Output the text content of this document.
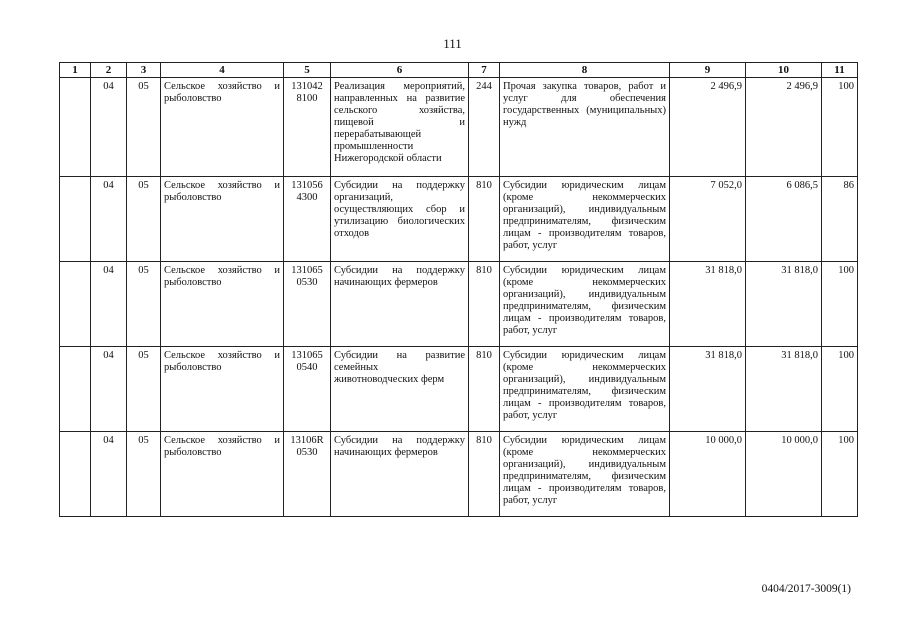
111
1	2	3	4	5	6	7	8	9	10	11
	04	05	Сельское хозяйство и рыболовство	131042 8100	Реализация мероприятий, направленных на развитие сельского хозяйства, пищевой и перерабатывающей промышленности Нижегородской области	244	Прочая закупка товаров, работ и услуг для обеспечения государственных (муниципальных) нужд	2 496,9	2 496,9	100
	04	05	Сельское хозяйство и рыболовство	131056 4300	Субсидии на поддержку организаций, осуществляющих сбор и утилизацию биологических отходов	810	Субсидии юридическим лицам (кроме некоммерческих организаций), индивидуальным предпринимателям, физическим лицам - производителям товаров, работ, услуг	7 052,0	6 086,5	86
	04	05	Сельское хозяйство и рыболовство	131065 0530	Субсидии на поддержку начинающих фермеров	810	Субсидии юридическим лицам (кроме некоммерческих организаций), индивидуальным предпринимателям, физическим лицам - производителям товаров, работ, услуг	31 818,0	31 818,0	100
	04	05	Сельское хозяйство и рыболовство	131065 0540	Субсидии на развитие семейных животноводческих ферм	810	Субсидии юридическим лицам (кроме некоммерческих организаций), индивидуальным предпринимателям, физическим лицам - производителям товаров, работ, услуг	31 818,0	31 818,0	100
	04	05	Сельское хозяйство и рыболовство	13106R 0530	Субсидии на поддержку начинающих фермеров	810	Субсидии юридическим лицам (кроме некоммерческих организаций), индивидуальным предпринимателям, физическим лицам - производителям товаров, работ, услуг	10 000,0	10 000,0	100
0404/2017-3009(1)
